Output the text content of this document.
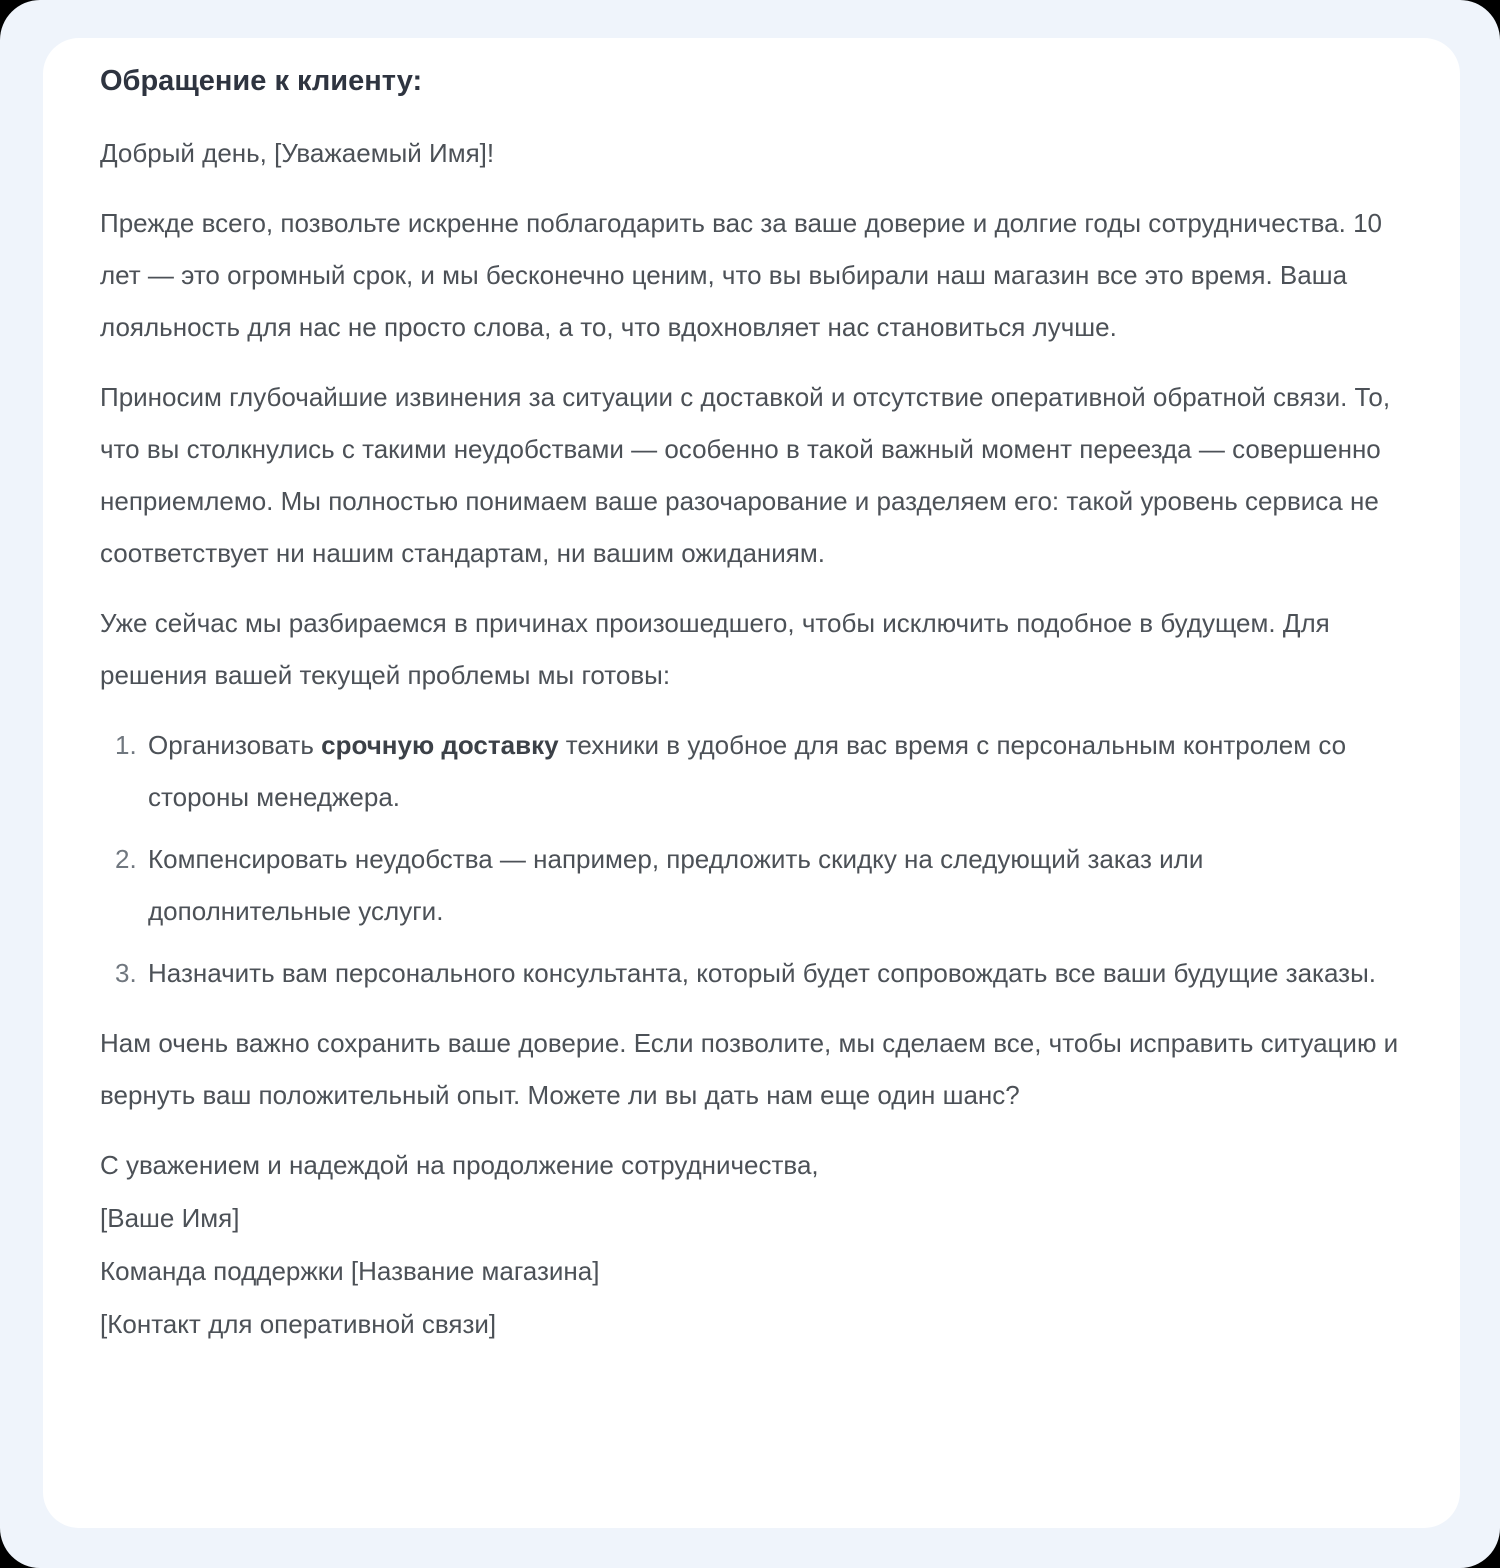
Обращение к клиенту:

Добрый день, [Уважаемый Имя]!

Прежде всего, позвольте искренне поблагодарить вас за ваше доверие и долгие годы сотрудничества. 10 лет — это огромный срок, и мы бесконечно ценим, что вы выбирали наш магазин все это время. Ваша лояльность для нас не просто слова, а то, что вдохновляет нас становиться лучше.

Приносим глубочайшие извинения за ситуации с доставкой и отсутствие оперативной обратной связи. То, что вы столкнулись с такими неудобствами — особенно в такой важный момент переезда — совершенно неприемлемо. Мы полностью понимаем ваше разочарование и разделяем его: такой уровень сервиса не соответствует ни нашим стандартам, ни вашим ожиданиям.

Уже сейчас мы разбираемся в причинах произошедшего, чтобы исключить подобное в будущем. Для решения вашей текущей проблемы мы готовы:

1. Организовать срочную доставку техники в удобное для вас время с персональным контролем со стороны менеджера.
2. Компенсировать неудобства — например, предложить скидку на следующий заказ или дополнительные услуги.
3. Назначить вам персонального консультанта, который будет сопровождать все ваши будущие заказы.

Нам очень важно сохранить ваше доверие. Если позволите, мы сделаем все, чтобы исправить ситуацию и вернуть ваш положительный опыт. Можете ли вы дать нам еще один шанс?

С уважением и надеждой на продолжение сотрудничества,
[Ваше Имя]
Команда поддержки [Название магазина]
[Контакт для оперативной связи]
